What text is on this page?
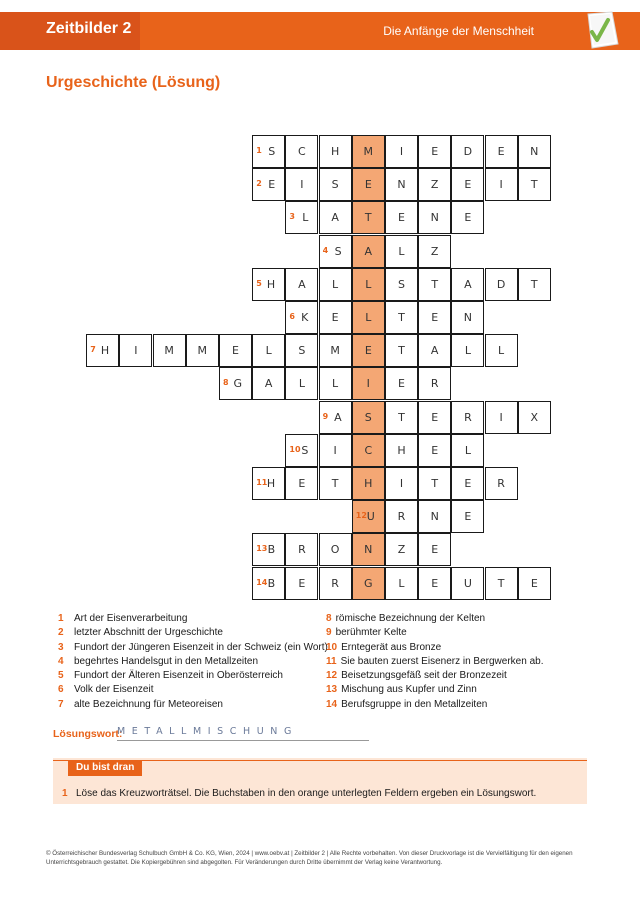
Zeitbilder 2	Die Anfänge der Menschheit
Urgeschichte (Lösung)
1 S C H M I	E D E N
2 E I	S E N Z E	I	T
3 L A T E N E
4 S A L Z
5 H A L L S T A D T
6 K E L T E N
7 H I M M E L S M E T A L L
8 G A L L	I	E R
9 A S T E R	I	X
10 S I	C H E L
11 H E T H I	T E R
12 U R N E
13 B R O N Z E
14 B E R G L E U T E
1 Art der Eisenverarbeitung
2 letzter Abschnitt der Urgeschichte
3 Fundort der Jüngeren Eisenzeit in der Schweiz (ein Wort)
4 begehrtes Handelsgut in den Metallzeiten
5 Fundort der Älteren Eisenzeit in Oberösterreich
6 Volk der Eisenzeit
7 alte Bezeichnung für Meteoreisen
8 römische Bezeichnung der Kelten
9 berühmter Kelte
10 Erntegerät aus Bronze
11 Sie bauten zuerst Eisenerz in Bergwerken ab.
12 Beisetzungsgefäß seit der Bronzezeit
13 Mischung aus Kupfer und Zinn
14 Berufsgruppe in den Metallzeiten
Lösungswort:
METALLMISCHUNG
Du bist dran
1 Löse das Kreuzworträtsel. Die Buchstaben in den orange unterlegten Feldern ergeben ein Lösungswort.
© Österreichischer Bundesverlag Schulbuch GmbH & Co. KG, Wien, 2024 | www.oebv.at | Zeitbilder 2 | Alle Rechte vorbehalten. Von dieser Druckvorlage ist die Vervielfältigung für den eigenen Unterrichtsgebrauch gestattet. Die Kopiergebühren sind abgegolten. Für Veränderungen durch Dritte übernimmt der Verlag keine Verantwortung.
